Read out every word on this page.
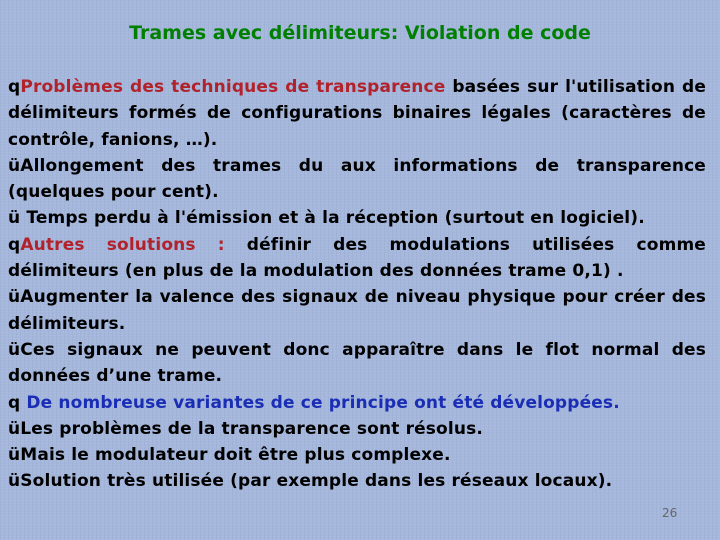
Trames avec délimiteurs: Violation de code

qProblèmes des techniques de transparence basées sur l'utilisation de délimiteurs formés de configurations binaires légales (caractères de contrôle, fanions, …).

üAllongement des trames du aux informations de transparence (quelques pour cent).

ü Temps perdu à l'émission et à la réception (surtout en logiciel).

qAutres solutions : définir des modulations utilisées comme délimiteurs (en plus de la modulation des données trame 0,1) .

üAugmenter la valence des signaux de niveau physique pour créer des délimiteurs.

üCes signaux ne peuvent donc apparaître dans le flot normal des données d’une trame.

q De nombreuse variantes de ce principe ont été développées.

üLes problèmes de la transparence sont résolus.

üMais le modulateur doit être plus complexe.

üSolution très utilisée (par exemple dans les réseaux locaux).

26
